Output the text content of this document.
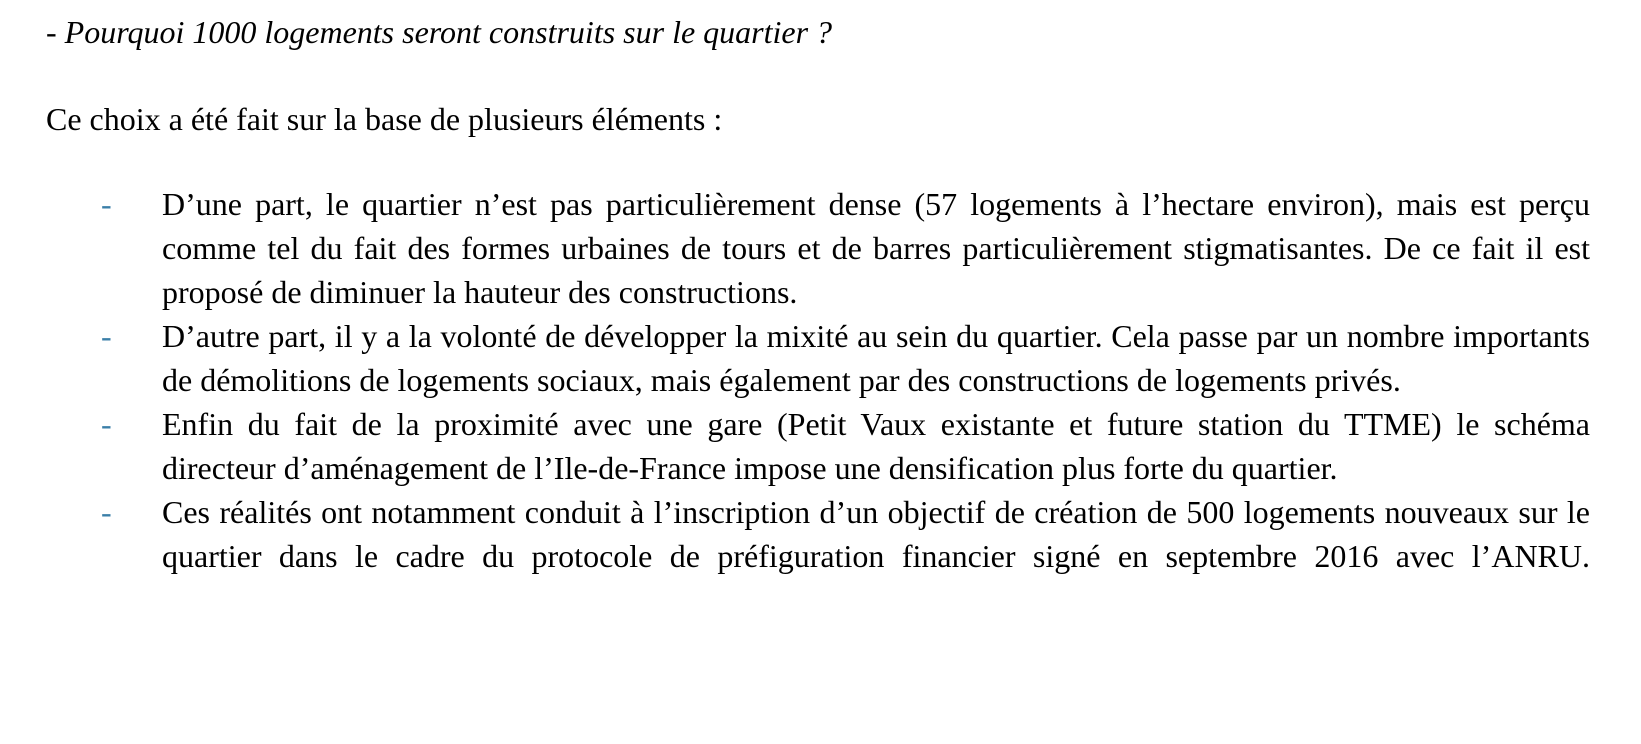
- Pourquoi 1000 logements seront construits sur le quartier ?
Ce choix a été fait sur la base de plusieurs éléments :
- D’une part, le quartier n’est pas particulièrement dense (57 logements à l’hectare environ), mais est perçu comme tel du fait des formes urbaines de tours et de barres particulièrement stigmatisantes. De ce fait il est proposé de diminuer la hauteur des constructions.
- D’autre part, il y a la volonté de développer la mixité au sein du quartier. Cela passe par un nombre importants de démolitions de logements sociaux, mais également par des constructions de logements privés.
- Enfin du fait de la proximité avec une gare (Petit Vaux existante et future station du TTME) le schéma directeur d’aménagement de l’Ile-de-France impose une densification plus forte du quartier.
- Ces réalités ont notamment conduit à l’inscription d’un objectif de création de 500 logements nouveaux sur le quartier dans le cadre du protocole de préfiguration financier signé en septembre 2016 avec l’ANRU.
